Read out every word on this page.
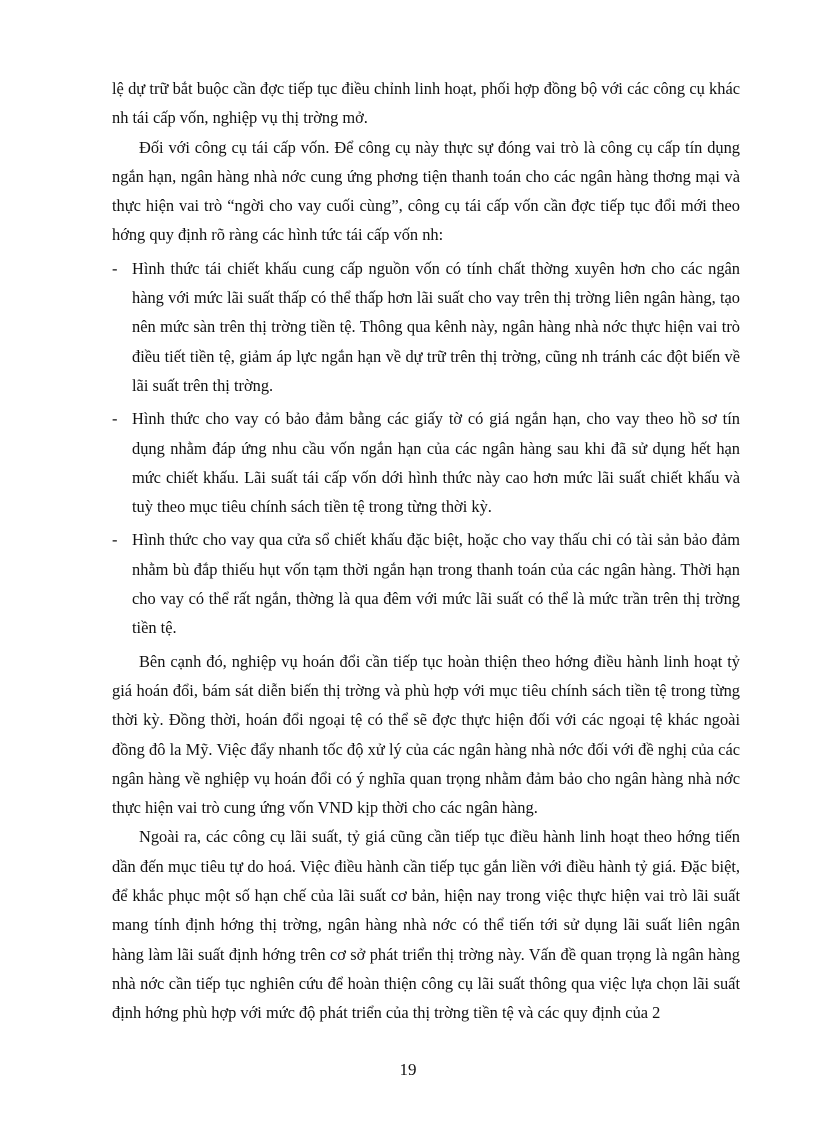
lệ dự trữ bắt buộc cần đợc tiếp tục điều chỉnh linh hoạt, phối hợp đồng bộ với các công cụ khác nh tái cấp vốn, nghiệp vụ thị trờng mở.

Đối với công cụ tái cấp vốn. Để công cụ này thực sự đóng vai trò là công cụ cấp tín dụng ngắn hạn, ngân hàng nhà nớc cung ứng phơng tiện thanh toán cho các ngân hàng thơng mại và thực hiện vai trò “ngời cho vay cuối cùng”, công cụ tái cấp vốn cần đợc tiếp tục đổi mới theo hớng quy định rõ ràng các hình tức tái cấp vốn nh:

- Hình thức tái chiết khấu cung cấp nguồn vốn có tính chất thờng xuyên hơn cho các ngân hàng với mức lãi suất thấp có thể thấp hơn lãi suất cho vay trên thị trờng liên ngân hàng, tạo nên mức sàn trên thị trờng tiền tệ. Thông qua kênh này, ngân hàng nhà nớc thực hiện vai trò điều tiết tiền tệ, giảm áp lực ngắn hạn về dự trữ trên thị trờng, cũng nh tránh các đột biến về lãi suất trên thị trờng.
- Hình thức cho vay có bảo đảm bằng các giấy tờ có giá ngắn hạn, cho vay theo hồ sơ tín dụng nhằm đáp ứng nhu cầu vốn ngắn hạn của các ngân hàng sau khi đã sử dụng hết hạn mức chiết khấu. Lãi suất tái cấp vốn dới hình thức này cao hơn mức lãi suất chiết khấu và tuỳ theo mục tiêu chính sách tiền tệ trong từng thời kỳ.
- Hình thức cho vay qua cửa sổ chiết khấu đặc biệt, hoặc cho vay thấu chi có tài sản bảo đảm nhằm bù đắp thiếu hụt vốn tạm thời ngắn hạn trong thanh toán của các ngân hàng. Thời hạn cho vay có thể rất ngắn, thờng là qua đêm với mức lãi suất có thể là mức trần trên thị trờng tiền tệ.

Bên cạnh đó, nghiệp vụ hoán đổi cần tiếp tục hoàn thiện theo hớng điều hành linh hoạt tỷ giá hoán đổi, bám sát diễn biến thị trờng và phù hợp với mục tiêu chính sách tiền tệ trong từng thời kỳ. Đồng thời, hoán đổi ngoại tệ có thể sẽ đợc thực hiện đối với các ngoại tệ khác ngoài đồng đô la Mỹ. Việc đẩy nhanh tốc độ xử lý của các ngân hàng nhà nớc đối với đề nghị của các ngân hàng về nghiệp vụ hoán đổi có ý nghĩa quan trọng nhằm đảm bảo cho ngân hàng nhà nớc thực hiện vai trò cung ứng vốn VND kịp thời cho các ngân hàng.

Ngoài ra, các công cụ lãi suất, tỷ giá cũng cần tiếp tục điều hành linh hoạt theo hớng tiến dần đến mục tiêu tự do hoá. Việc điều hành cần tiếp tục gắn liền với điều hành tỷ giá. Đặc biệt, để khắc phục một số hạn chế của lãi suất cơ bản, hiện nay trong việc thực hiện vai trò lãi suất mang tính định hớng thị trờng, ngân hàng nhà nớc có thể tiến tới sử dụng lãi suất liên ngân hàng làm lãi suất định hớng trên cơ sở phát triển thị trờng này. Vấn đề quan trọng là ngân hàng nhà nớc cần tiếp tục nghiên cứu để hoàn thiện công cụ lãi suất thông qua việc lựa chọn lãi suất định hớng phù hợp với mức độ phát triển của thị trờng tiền tệ và các quy định của 2

19
